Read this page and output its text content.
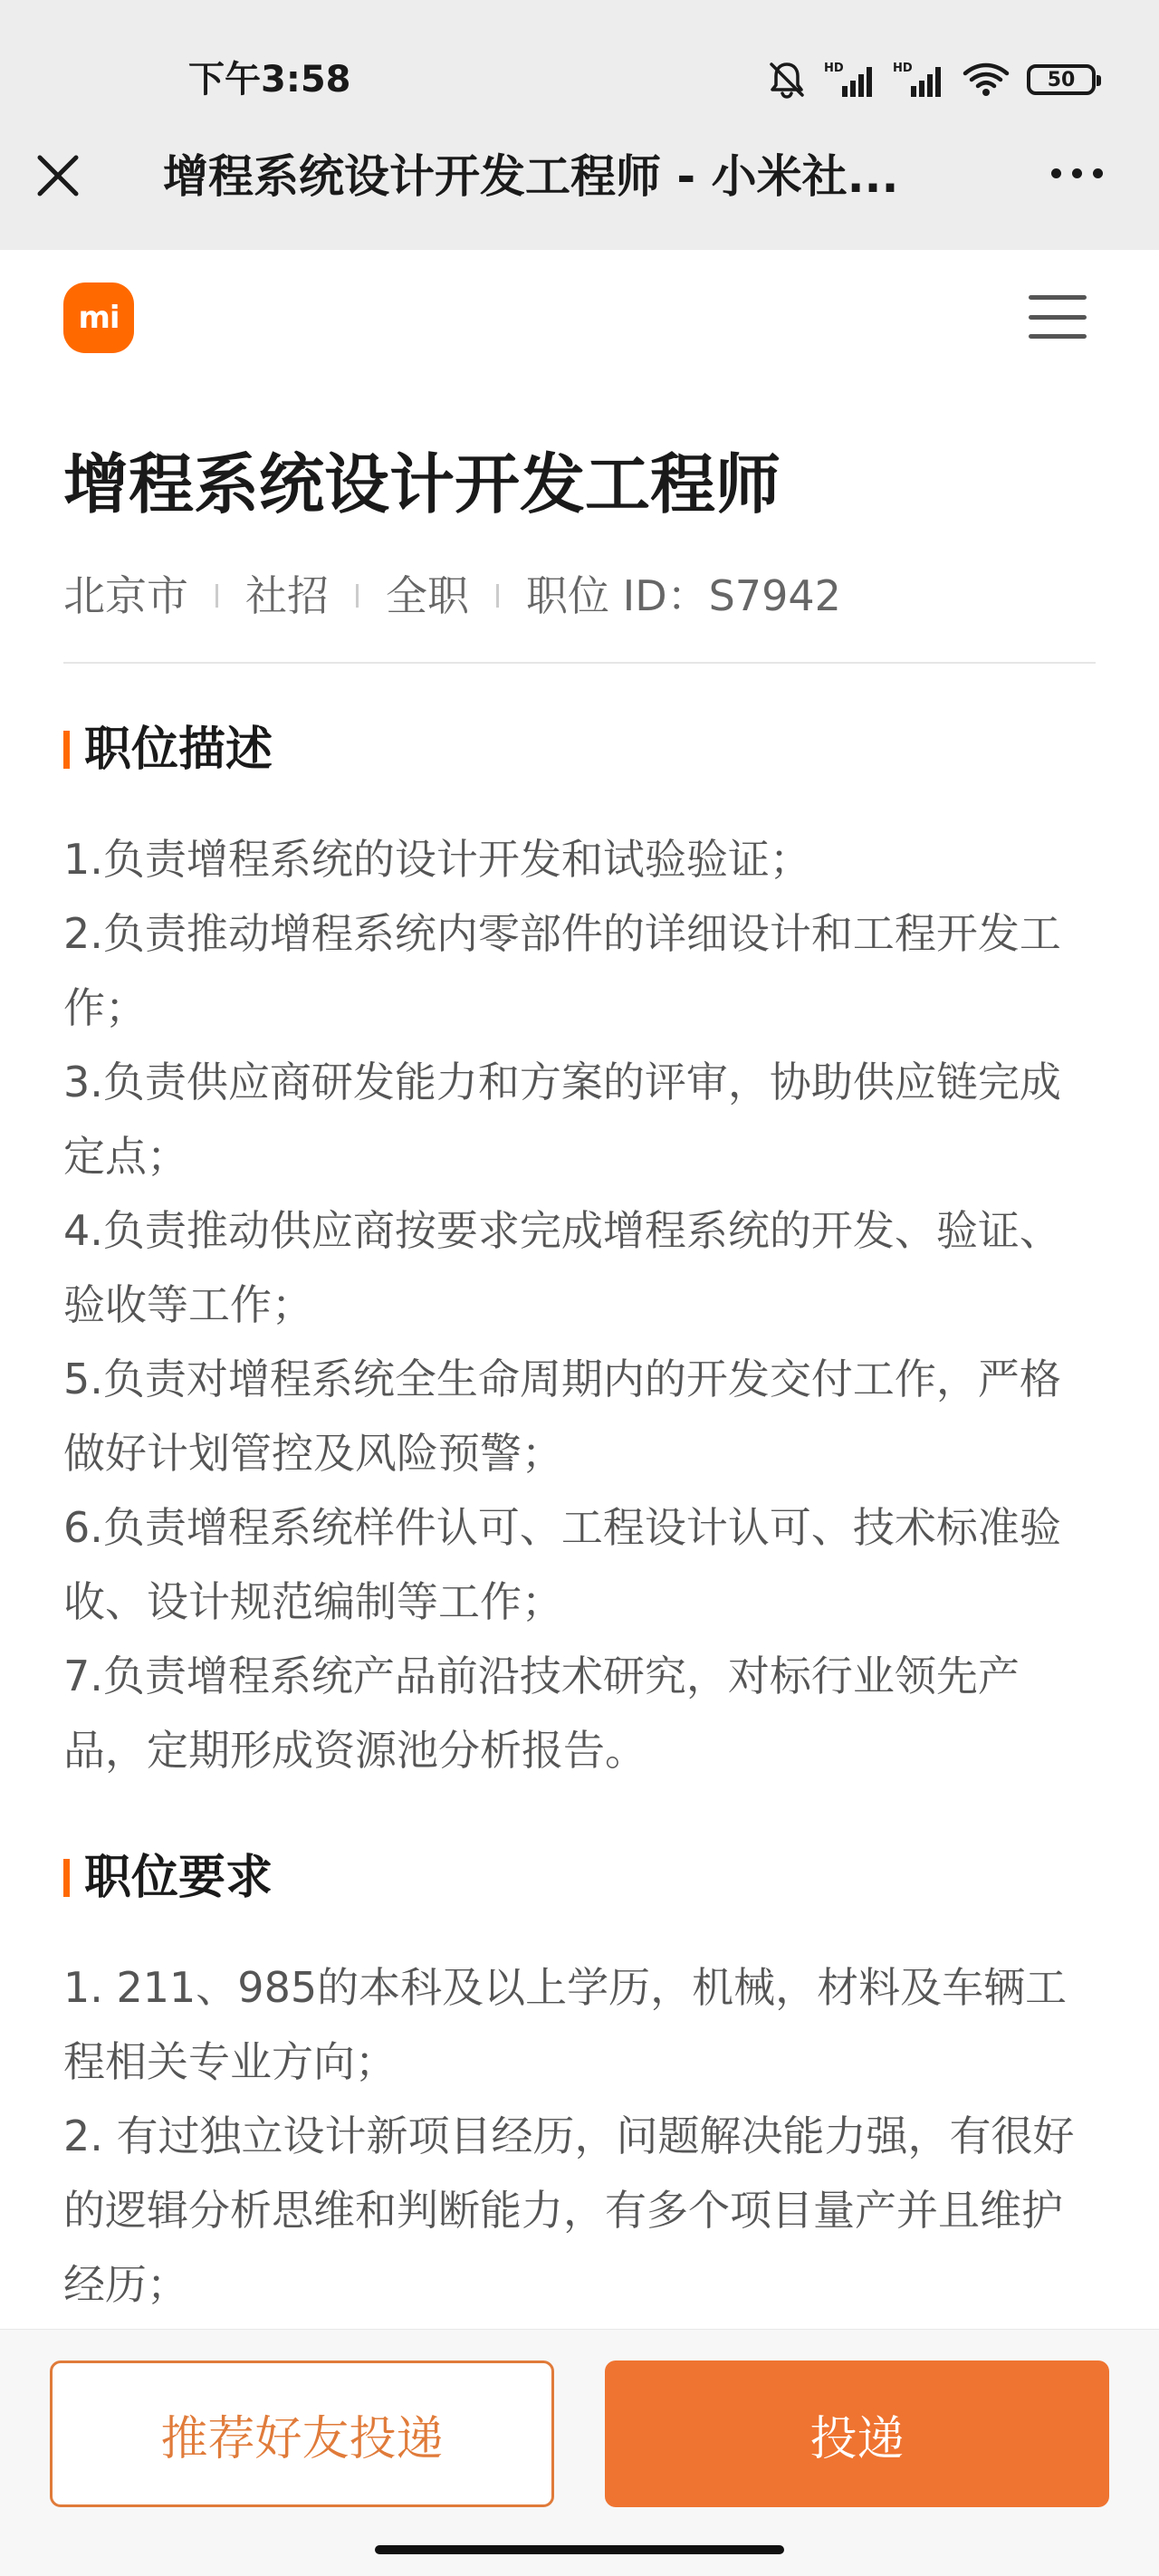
下午3:58	HD	HD	50
增程系统设计开发工程师 - 小米社...
mi
增程系统设计开发工程师
北京市 社招 全职 职位 ID：S7942
职位描述

1.负责增程系统的设计开发和试验验证；

2.负责推动增程系统内零部件的详细设计和工程开发工作；

3.负责供应商研发能力和方案的评审，协助供应链完成定点；

4.负责推动供应商按要求完成增程系统的开发、验证、验收等工作；

5.负责对增程系统全生命周期内的开发交付工作，严格做好计划管控及风险预警；

6.负责增程系统样件认可、工程设计认可、技术标准验收、设计规范编制等工作；

7.负责增程系统产品前沿技术研究，对标行业领先产品，定期形成资源池分析报告。

职位要求

1. 211、985的本科及以上学历，机械，材料及车辆工程相关专业方向；

2. 有过独立设计新项目经历，问题解决能力强，有很好的逻辑分析思维和判断能力，有多个项目量产并且维护经历；

推荐好友投递	投递
